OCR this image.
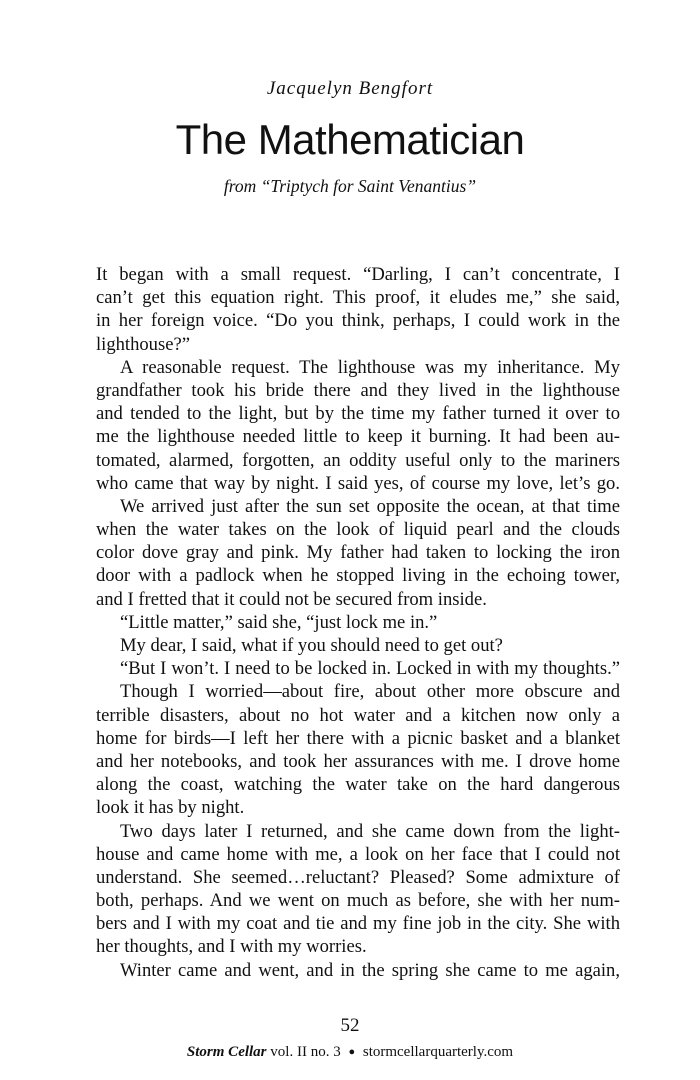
Jacquelyn Bengfort
The Mathematician
from “Triptych for Saint Venantius”
It began with a small request. “Darling, I can’t concentrate, I
can’t get this equation right. This proof, it eludes me,” she said,
in her foreign voice. “Do you think, perhaps, I could work in the
lighthouse?”
A reasonable request. The lighthouse was my inheritance. My
grandfather took his bride there and they lived in the lighthouse
and tended to the light, but by the time my father turned it over to
me the lighthouse needed little to keep it burning. It had been au-
tomated, alarmed, forgotten, an oddity useful only to the mariners
who came that way by night. I said yes, of course my love, let’s go.
We arrived just after the sun set opposite the ocean, at that time
when the water takes on the look of liquid pearl and the clouds
color dove gray and pink. My father had taken to locking the iron
door with a padlock when he stopped living in the echoing tower,
and I fretted that it could not be secured from inside.
“Little matter,” said she, “just lock me in.”
My dear, I said, what if you should need to get out?
“But I won’t. I need to be locked in. Locked in with my thoughts.”
Though I worried—about fire, about other more obscure and
terrible disasters, about no hot water and a kitchen now only a
home for birds—I left her there with a picnic basket and a blanket
and her notebooks, and took her assurances with me. I drove home
along the coast, watching the water take on the hard dangerous
look it has by night.
Two days later I returned, and she came down from the light-
house and came home with me, a look on her face that I could not
understand. She seemed…reluctant? Pleased? Some admixture of
both, perhaps. And we went on much as before, she with her num-
bers and I with my coat and tie and my fine job in the city. She with
her thoughts, and I with my worries.
Winter came and went, and in the spring she came to me again,
52
Storm Cellar vol. II no. 3 ● stormcellarquarterly.com
